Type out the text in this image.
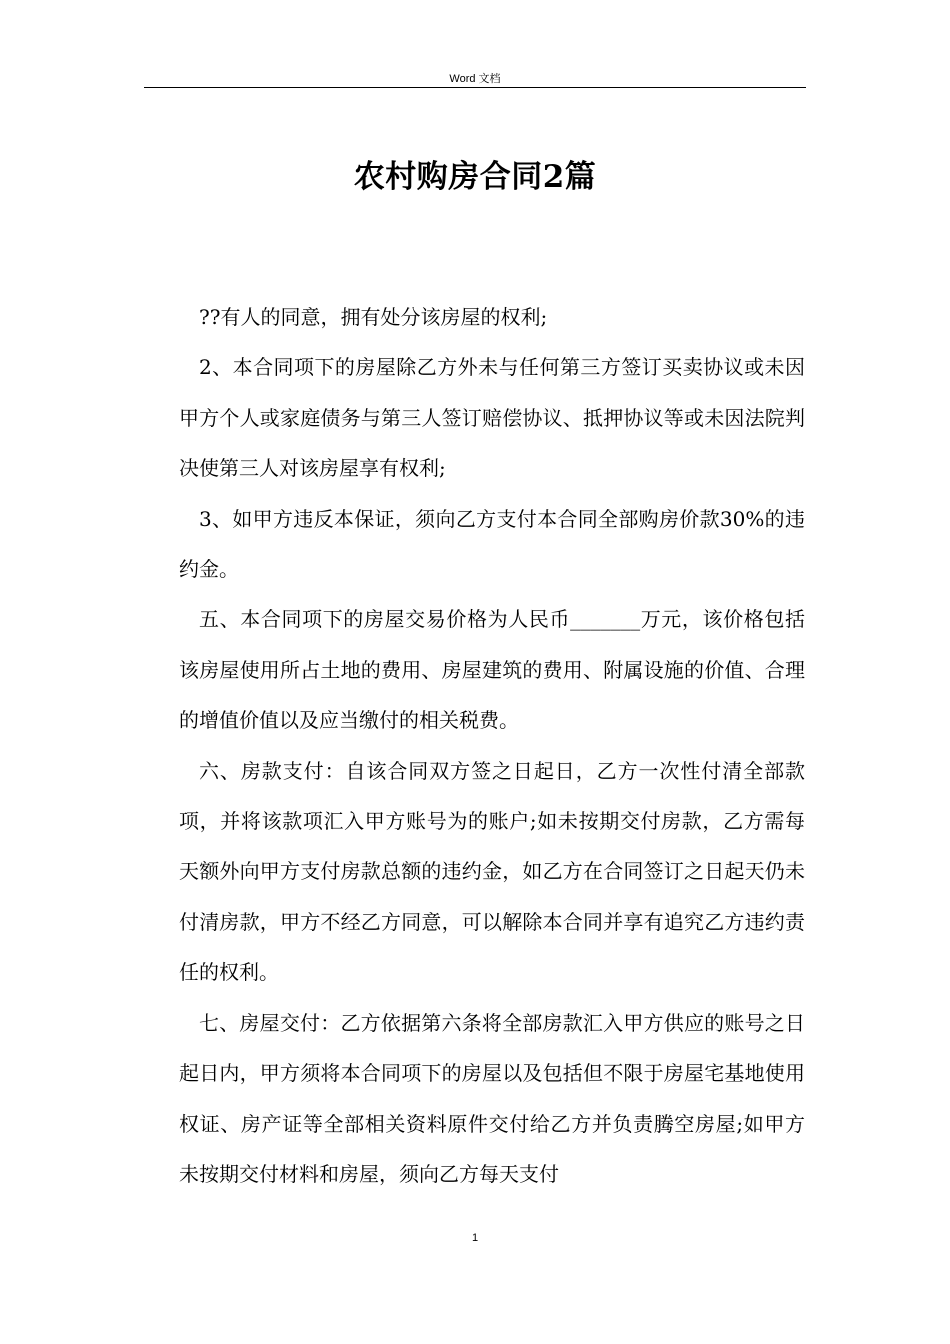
Word 文档
农村购房合同2篇

??有人的同意，拥有处分该房屋的权利;

2、本合同项下的房屋除乙方外未与任何第三方签订买卖协议或未因甲方个人或家庭债务与第三人签订赔偿协议、抵押协议等或未因法院判决使第三人对该房屋享有权利;

3、如甲方违反本保证，须向乙方支付本合同全部购房价款30%的违约金。

五、本合同项下的房屋交易价格为人民币_______万元，该价格包括该房屋使用所占土地的费用、房屋建筑的费用、附属设施的价值、合理的增值价值以及应当缴付的相关税费。

六、房款支付：自该合同双方签之日起日，乙方一次性付清全部款项，并将该款项汇入甲方账号为的账户;如未按期交付房款，乙方需每天额外向甲方支付房款总额的违约金，如乙方在合同签订之日起天仍未付清房款，甲方不经乙方同意，可以解除本合同并享有追究乙方违约责任的权利。

七、房屋交付：乙方依据第六条将全部房款汇入甲方供应的账号之日起日内，甲方须将本合同项下的房屋以及包括但不限于房屋宅基地使用权证、房产证等全部相关资料原件交付给乙方并负责腾空房屋;如甲方未按期交付材料和房屋，须向乙方每天支付

1
